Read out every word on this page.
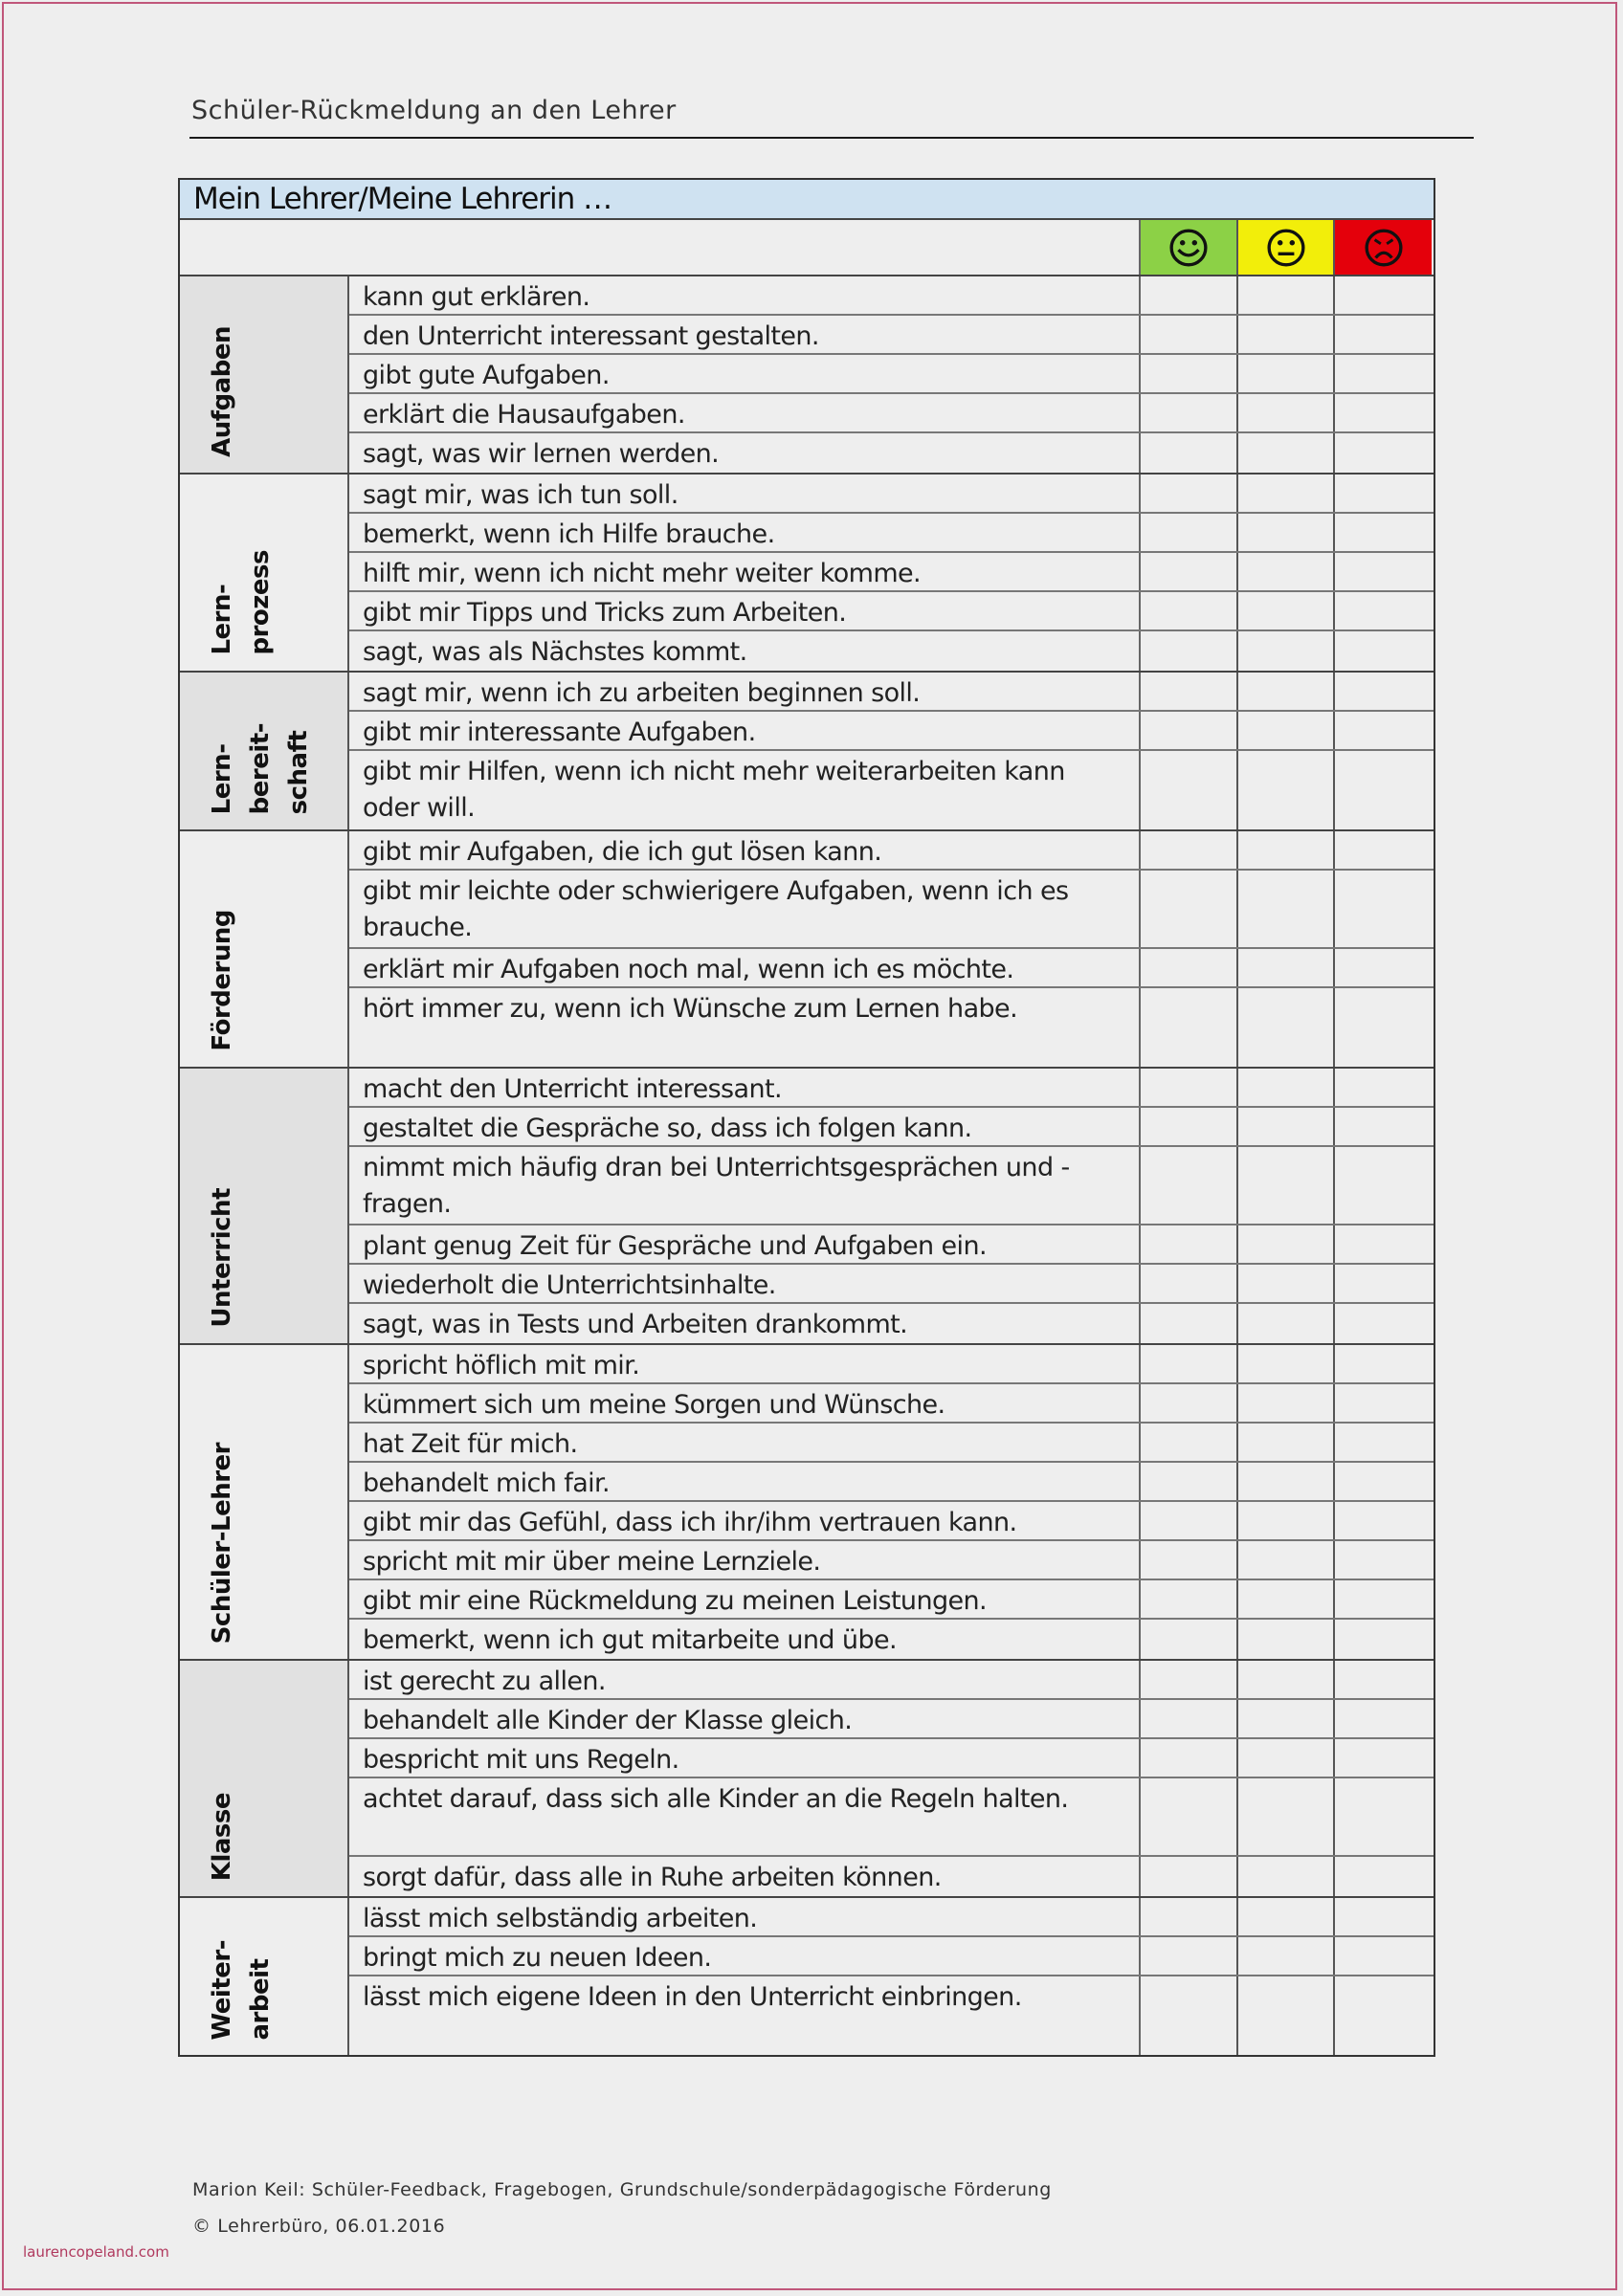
Schüler-Rückmeldung an den Lehrer
Mein Lehrer/Meine Lehrerin …
Aufgaben
kann gut erklären.
den Unterricht interessant gestalten.
gibt gute Aufgaben.
erklärt die Hausaufgaben.
sagt, was wir lernen werden.
Lern-
prozess
sagt mir, was ich tun soll.
bemerkt, wenn ich Hilfe brauche.
hilft mir, wenn ich nicht mehr weiter komme.
gibt mir Tipps und Tricks zum Arbeiten.
sagt, was als Nächstes kommt.
Lern-
bereit-
schaft
sagt mir, wenn ich zu arbeiten beginnen soll.
gibt mir interessante Aufgaben.
gibt mir Hilfen, wenn ich nicht mehr weiterarbeiten kann oder will.
Förderung
gibt mir Aufgaben, die ich gut lösen kann.
gibt mir leichte oder schwierigere Aufgaben, wenn ich es brauche.
erklärt mir Aufgaben noch mal, wenn ich es möchte.
hört immer zu, wenn ich Wünsche zum Lernen habe.
Unterricht
macht den Unterricht interessant.
gestaltet die Gespräche so, dass ich folgen kann.
nimmt mich häufig dran bei Unterrichtsgesprächen und -fragen.
plant genug Zeit für Gespräche und Aufgaben ein.
wiederholt die Unterrichtsinhalte.
sagt, was in Tests und Arbeiten drankommt.
Schüler-Lehrer
spricht höflich mit mir.
kümmert sich um meine Sorgen und Wünsche.
hat Zeit für mich.
behandelt mich fair.
gibt mir das Gefühl, dass ich ihr/ihm vertrauen kann.
spricht mit mir über meine Lernziele.
gibt mir eine Rückmeldung zu meinen Leistungen.
bemerkt, wenn ich gut mitarbeite und übe.
Klasse
ist gerecht zu allen.
behandelt alle Kinder der Klasse gleich.
bespricht mit uns Regeln.
achtet darauf, dass sich alle Kinder an die Regeln halten.
sorgt dafür, dass alle in Ruhe arbeiten können.
Weiter-
arbeit
lässt mich selbständig arbeiten.
bringt mich zu neuen Ideen.
lässt mich eigene Ideen in den Unterricht einbringen.
Marion Keil: Schüler-Feedback, Fragebogen, Grundschule/sonderpädagogische Förderung
© Lehrerbüro, 06.01.2016
laurencopeland.com
